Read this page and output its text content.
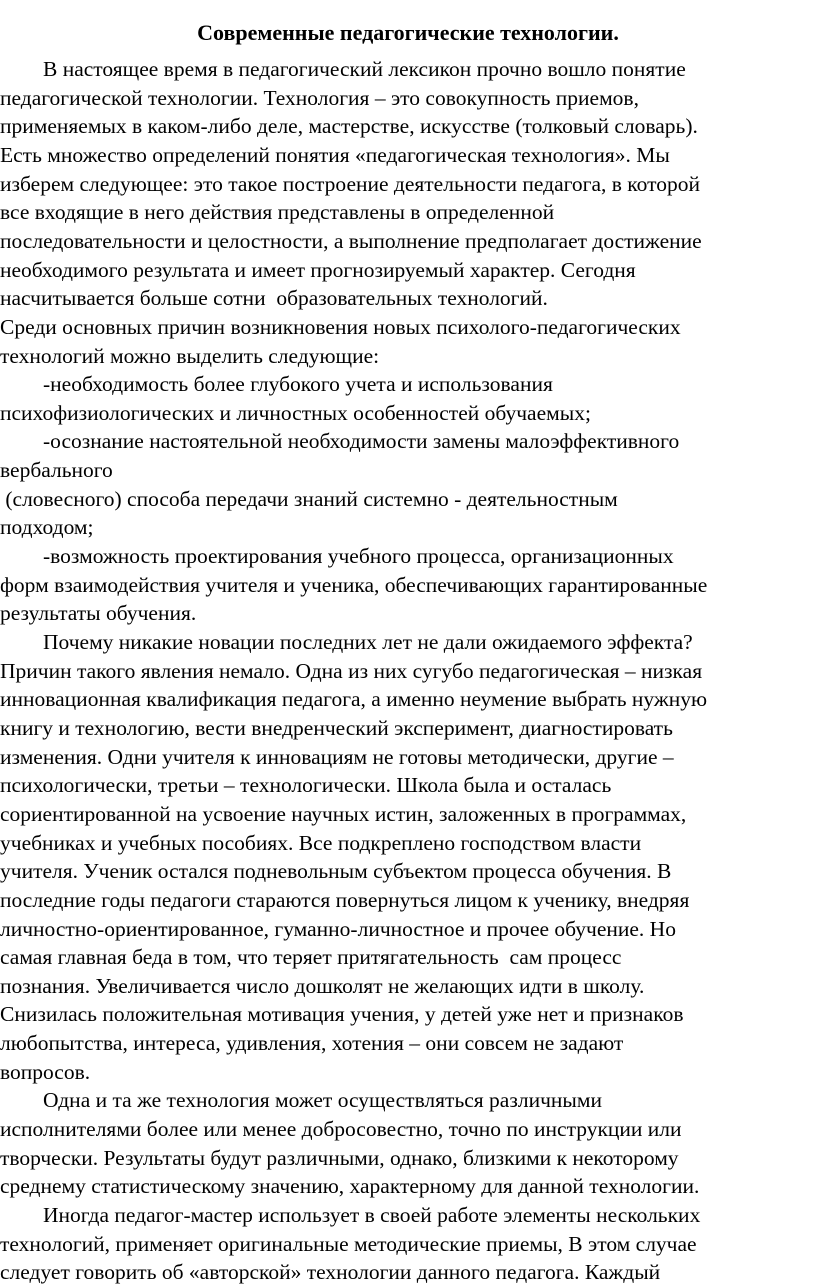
Современные педагогические технологии.
В настоящее время в педагогический лексикон прочно вошло понятие
педагогической технологии. Технология – это совокупность приемов,
применяемых в каком-либо деле, мастерстве, искусстве (толковый словарь).
Есть множество определений понятия «педагогическая технология». Мы
изберем следующее: это такое построение деятельности педагога, в которой
все входящие в него действия представлены в определенной
последовательности и целостности, а выполнение предполагает достижение
необходимого результата и имеет прогнозируемый характер. Сегодня
насчитывается больше сотни  образовательных технологий.
Среди основных причин возникновения новых психолого-педагогических
технологий можно выделить следующие:
-необходимость более глубокого учета и использования
психофизиологических и личностных особенностей обучаемых;
-осознание настоятельной необходимости замены малоэффективного
вербального
(словесного) способа передачи знаний системно - деятельностным
подходом;
-возможность проектирования учебного процесса, организационных
форм взаимодействия учителя и ученика, обеспечивающих гарантированные
результаты обучения.
Почему никакие новации последних лет не дали ожидаемого эффекта?
Причин такого явления немало. Одна из них сугубо педагогическая – низкая
инновационная квалификация педагога, а именно неумение выбрать нужную
книгу и технологию, вести внедренческий эксперимент, диагностировать
изменения. Одни учителя к инновациям не готовы методически, другие –
психологически, третьи – технологически. Школа была и осталась
сориентированной на усвоение научных истин, заложенных в программах,
учебниках и учебных пособиях. Все подкреплено господством власти
учителя. Ученик остался подневольным субъектом процесса обучения. В
последние годы педагоги стараются повернуться лицом к ученику, внедряя
личностно-ориентированное, гуманно-личностное и прочее обучение. Но
самая главная беда в том, что теряет притягательность  сам процесс
познания. Увеличивается число дошколят не желающих идти в школу.
Снизилась положительная мотивация учения, у детей уже нет и признаков
любопытства, интереса, удивления, хотения – они совсем не задают
вопросов.
Одна и та же технология может осуществляться различными
исполнителями более или менее добросовестно, точно по инструкции или
творчески. Результаты будут различными, однако, близкими к некоторому
среднему статистическому значению, характерному для данной технологии.
Иногда педагог-мастер использует в своей работе элементы нескольких
технологий, применяет оригинальные методические приемы, В этом случае
следует говорить об «авторской» технологии данного педагога. Каждый
